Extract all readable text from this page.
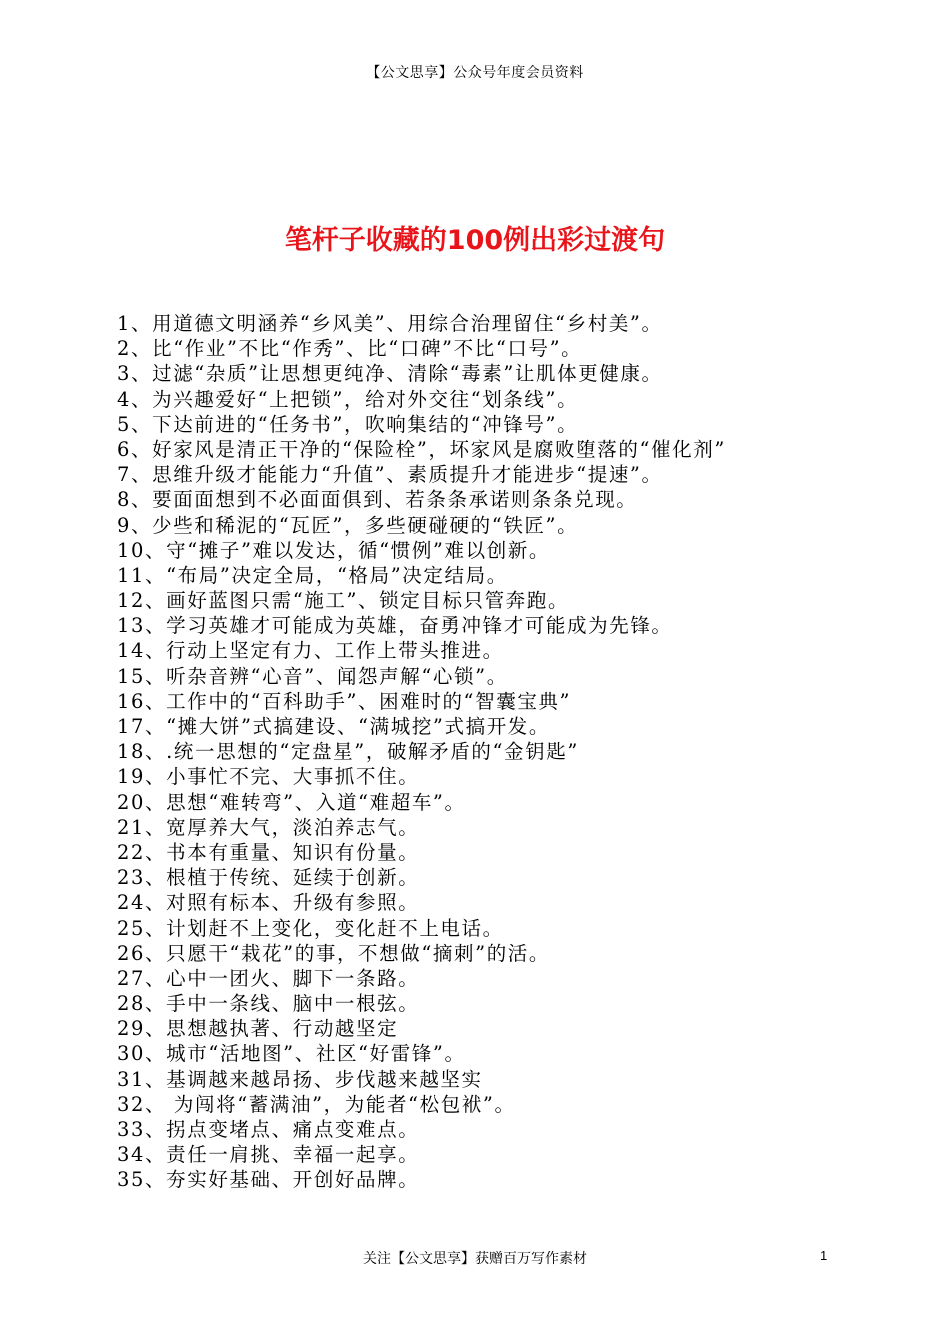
【公文思享】公众号年度会员资料
笔杆子收藏的100例出彩过渡句
1、用道德文明涵养“乡风美”、用综合治理留住“乡村美”。
2、比“作业”不比“作秀”、比“口碑”不比“口号”。
3、过滤“杂质”让思想更纯净、清除“毒素”让肌体更健康。
4、为兴趣爱好“上把锁”，给对外交往“划条线”。
5、下达前进的“任务书”，吹响集结的“冲锋号”。
6、好家风是清正干净的“保险栓”，坏家风是腐败堕落的“催化剂”
7、思维升级才能能力“升值”、素质提升才能进步“提速”。
8、要面面想到不必面面俱到、若条条承诺则条条兑现。
9、少些和稀泥的“瓦匠”，多些硬碰硬的“铁匠”。
10、守“摊子”难以发达，循“惯例”难以创新。
11、“布局”决定全局，“格局”决定结局。
12、画好蓝图只需“施工”、锁定目标只管奔跑。
13、学习英雄才可能成为英雄，奋勇冲锋才可能成为先锋。
14、行动上坚定有力、工作上带头推进。
15、听杂音辨“心音”、闻怨声解“心锁”。
16、工作中的“百科助手”、困难时的“智囊宝典”
17、“摊大饼”式搞建设、“满城挖”式搞开发。
18、.统一思想的“定盘星”，破解矛盾的“金钥匙”
19、小事忙不完、大事抓不住。
20、思想“难转弯”、入道“难超车”。
21、宽厚养大气，淡泊养志气。
22、书本有重量、知识有份量。
23、根植于传统、延续于创新。
24、对照有标本、升级有参照。
25、计划赶不上变化，变化赶不上电话。
26、只愿干“栽花”的事，不想做“摘刺”的活。
27、心中一团火、脚下一条路。
28、手中一条线、脑中一根弦。
29、思想越执著、行动越坚定
30、城市“活地图”、社区“好雷锋”。
31、基调越来越昂扬、步伐越来越坚实
32、 为闯将“蓄满油”，为能者“松包袱”。
33、拐点变堵点、痛点变难点。
34、责任一肩挑、幸福一起享。
35、夯实好基础、开创好品牌。
关注【公文思享】获赠百万写作素材	1
